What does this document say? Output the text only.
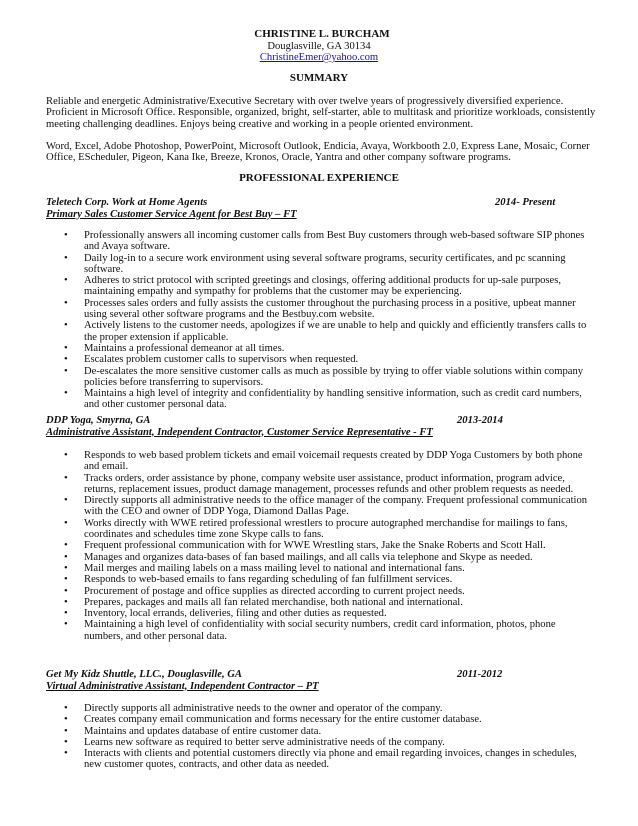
CHRISTINE L. BURCHAM
Douglasville, GA 30134
ChristineEmer@yahoo.com
SUMMARY
Reliable and energetic Administrative/Executive Secretary with over twelve years of progressively diversified experience. Proficient in Microsoft Office. Responsible, organized, bright, self-starter, able to multitask and prioritize workloads, consistently meeting challenging deadlines. Enjoys being creative and working in a people oriented environment.
Word, Excel, Adobe Photoshop, PowerPoint, Microsoft Outlook, Endicia, Avaya, Workbooth 2.0, Express Lane, Mosaic, Corner Office, EScheduler, Pigeon, Kana Ike, Breeze, Kronos, Oracle, Yantra and other company software programs.
PROFESSIONAL EXPERIENCE
Teletech Corp. Work at Home Agents	2014- Present
Primary Sales Customer Service Agent for Best Buy – FT
• Professionally answers all incoming customer calls from Best Buy customers through web-based software SIP phones and Avaya software.
• Daily log-in to a secure work environment using several software programs, security certificates, and pc scanning software.
• Adheres to strict protocol with scripted greetings and closings, offering additional products for up-sale purposes, maintaining empathy and sympathy for problems that the customer may be experiencing.
• Processes sales orders and fully assists the customer throughout the purchasing process in a positive, upbeat manner using several other software programs and the Bestbuy.com website.
• Actively listens to the customer needs, apologizes if we are unable to help and quickly and efficiently transfers calls to the proper extension if applicable.
• Maintains a professional demeanor at all times.
• Escalates problem customer calls to supervisors when requested.
• De-escalates the more sensitive customer calls as much as possible by trying to offer viable solutions within company policies before transferring to supervisors.
• Maintains a high level of integrity and confidentiality by handling sensitive information, such as credit card numbers, and other customer personal data.
DDP Yoga, Smyrna, GA	2013-2014
Administrative Assistant, Independent Contractor, Customer Service Representative - FT
• Responds to web based problem tickets and email voicemail requests created by DDP Yoga Customers by both phone and email.
• Tracks orders, order assistance by phone, company website user assistance, product information, program advice, returns, replacement issues, product damage management, processes refunds and other problem requests as needed.
• Directly supports all administrative needs to the office manager of the company. Frequent professional communication with the CEO and owner of DDP Yoga, Diamond Dallas Page.
• Works directly with WWE retired professional wrestlers to procure autographed merchandise for mailings to fans, coordinates and schedules time zone Skype calls to fans.
• Frequent professional communication with for WWE Wrestling stars, Jake the Snake Roberts and Scott Hall.
• Manages and organizes data-bases of fan based mailings, and all calls via telephone and Skype as needed.
• Mail merges and mailing labels on a mass mailing level to national and international fans.
• Responds to web-based emails to fans regarding scheduling of fan fulfillment services.
• Procurement of postage and office supplies as directed according to current project needs.
• Prepares, packages and mails all fan related merchandise, both national and international.
• Inventory, local errands, deliveries, filing and other duties as requested.
• Maintaining a high level of confidentiality with social security numbers, credit card information, photos, phone numbers, and other personal data.
Get My Kidz Shuttle, LLC., Douglasville, GA	2011-2012
Virtual Administrative Assistant, Independent Contractor – PT
• Directly supports all administrative needs to the owner and operator of the company.
• Creates company email communication and forms necessary for the entire customer database.
• Maintains and updates database of entire customer data.
• Learns new software as required to better serve administrative needs of the company.
• Interacts with clients and potential customers directly via phone and email regarding invoices, changes in schedules, new customer quotes, contracts, and other data as needed.
